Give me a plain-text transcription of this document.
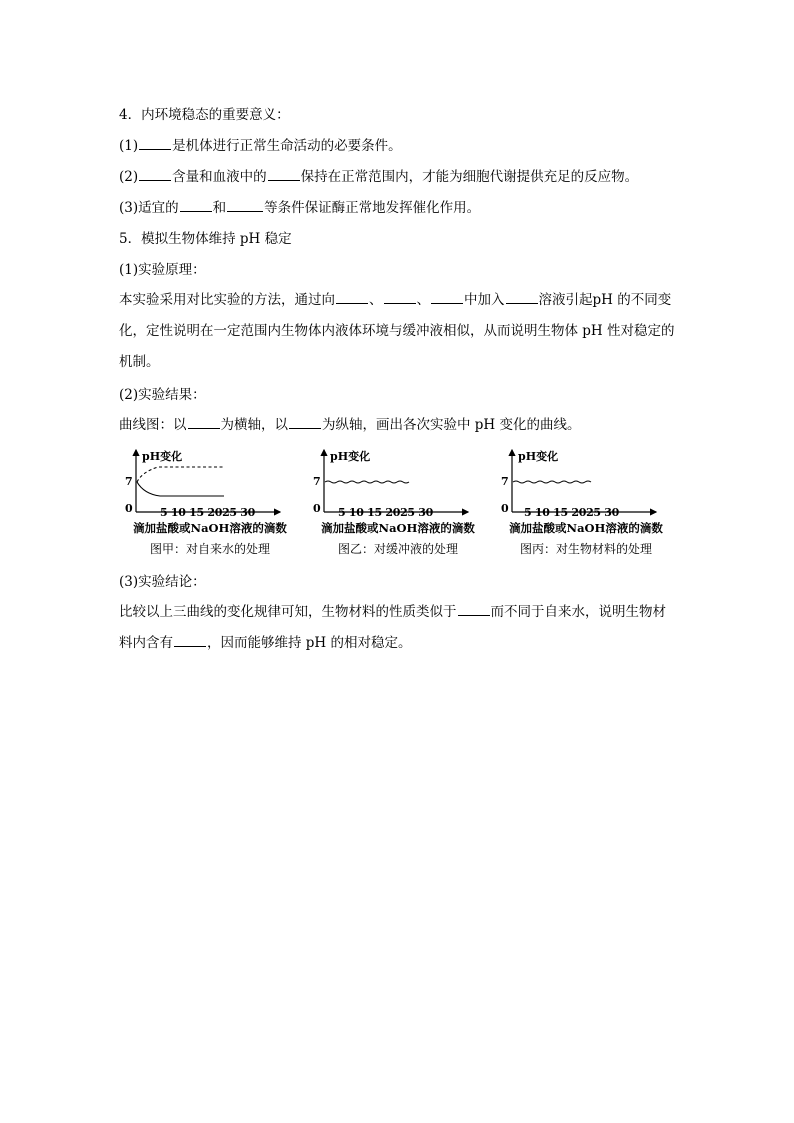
4．内环境稳态的重要意义：
(1)	是机体进行正常生命活动的必要条件。
(2)	含量和血液中的	保持在正常范围内，才能为细胞代谢提供充足的反应物。
(3)适宜的	和	等条件保证酶正常地发挥催化作用。
5．模拟生物体维持 pH 稳定
(1)实验原理：
本实验采用对比实验的方法，通过向	、	、	中加入	溶液引起pH 的不同变化，定性说明在一定范围内生物体内液体环境与缓冲液相似，从而说明生物体 pH 性对稳定的机制。
(2)实验结果：
曲线图：以	为横轴，以	为纵轴，画出各次实验中 pH 变化的曲线。
pH变化
7
0 5 10 15 2025 30
滴加盐酸或NaOH溶液的滴数
图甲：对自来水的处理
pH变化
7
0 5 10 15 2025 30
滴加盐酸或NaOH溶液的滴数
图乙：对缓冲液的处理
pH变化
7
0 5 10 15 2025 30
滴加盐酸或NaOH溶液的滴数
图丙：对生物材料的处理
(3)实验结论：
比较以上三曲线的变化规律可知，生物材料的性质类似于	而不同于自来水，说明生物材料内含有	，因而能够维持 pH 的相对稳定。
